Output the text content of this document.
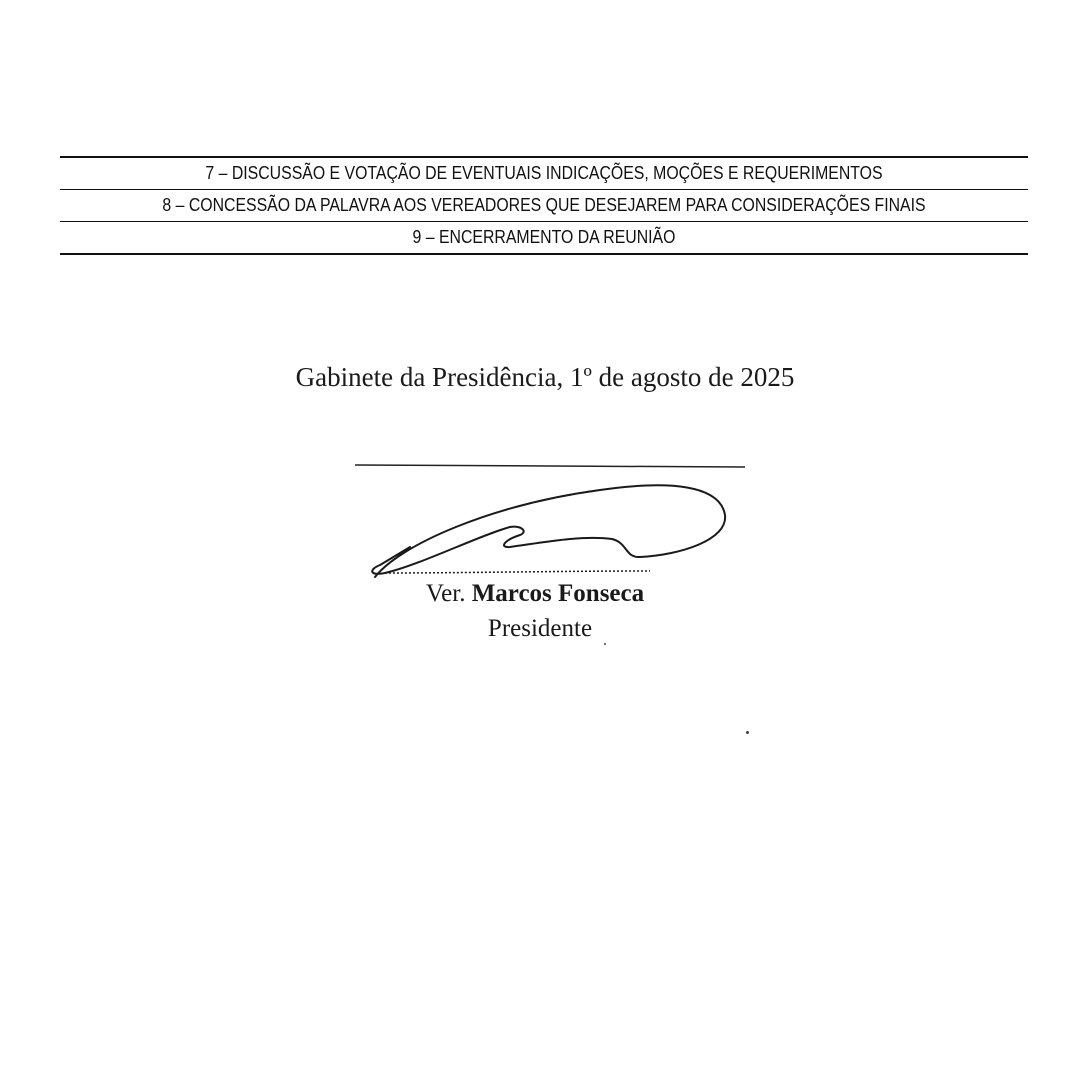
7 – DISCUSSÃO E VOTAÇÃO DE EVENTUAIS INDICAÇÕES, MOÇÕES E REQUERIMENTOS
8 – CONCESSÃO DA PALAVRA AOS VEREADORES QUE DESEJAREM PARA CONSIDERAÇÕES FINAIS
9 – ENCERRAMENTO DA REUNIÃO
Gabinete da Presidência, 1º de agosto de 2025
Ver. Marcos Fonseca
Presidente
